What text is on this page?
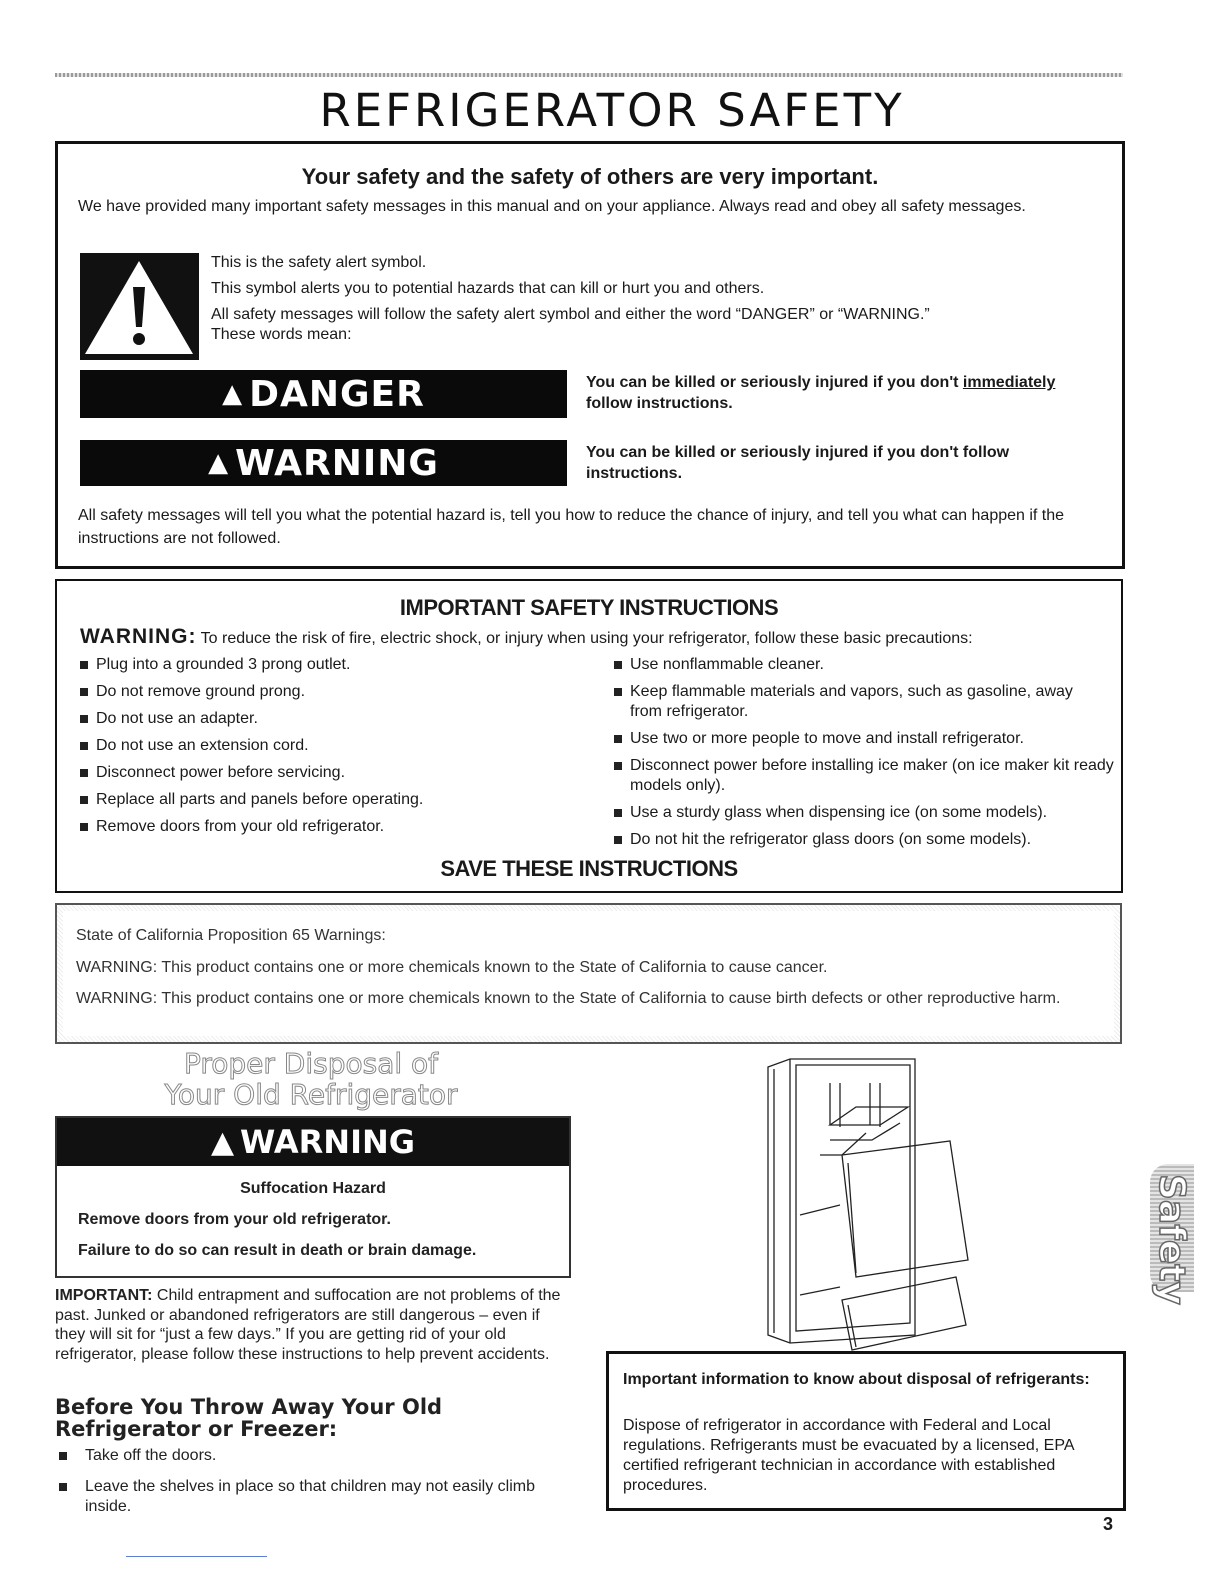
REFRIGERATOR SAFETY
Your safety and the safety of others are very important.
We have provided many important safety messages in this manual and on your appliance. Always read and obey all safety messages.
This is the safety alert symbol.
This symbol alerts you to potential hazards that can kill or hurt you and others.
All safety messages will follow the safety alert symbol and either the word “DANGER” or “WARNING.”
These words mean:
▲ DANGER	You can be killed or seriously injured if you don't immediately
follow instructions.
▲ WARNING	You can be killed or seriously injured if you don't follow instructions.
All safety messages will tell you what the potential hazard is, tell you how to reduce the chance of injury, and tell you what can happen if the instructions are not followed.
IMPORTANT SAFETY INSTRUCTIONS
WARNING: To reduce the risk of fire, electric shock, or injury when using your refrigerator, follow these basic precautions:
Plug into a grounded 3 prong outlet.
Do not remove ground prong.
Do not use an adapter.
Do not use an extension cord.
Disconnect power before servicing.
Replace all parts and panels before operating.
Remove doors from your old refrigerator.
Use nonflammable cleaner.
Keep flammable materials and vapors, such as gasoline, away from refrigerator.
Use two or more people to move and install refrigerator.
Disconnect power before installing ice maker (on ice maker kit ready models only).
Use a sturdy glass when dispensing ice (on some models).
Do not hit the refrigerator glass doors (on some models).
SAVE THESE INSTRUCTIONS
State of California Proposition 65 Warnings:
WARNING: This product contains one or more chemicals known to the State of California to cause cancer.
WARNING: This product contains one or more chemicals known to the State of California to cause birth defects or other reproductive harm.
Proper Disposal of
Your Old Refrigerator
▲ WARNING
Suffocation Hazard
Remove doors from your old refrigerator.
Failure to do so can result in death or brain damage.
IMPORTANT: Child entrapment and suffocation are not problems of the past. Junked or abandoned refrigerators are still dangerous – even if they will sit for “just a few days.” If you are getting rid of your old refrigerator, please follow these instructions to help prevent accidents.
Before You Throw Away Your Old Refrigerator or Freezer:
Take off the doors.
Leave the shelves in place so that children may not easily climb inside.
Important information to know about disposal of refrigerants:
Dispose of refrigerator in accordance with Federal and Local regulations. Refrigerants must be evacuated by a licensed, EPA certified refrigerant technician in accordance with established procedures.
Safety
3
